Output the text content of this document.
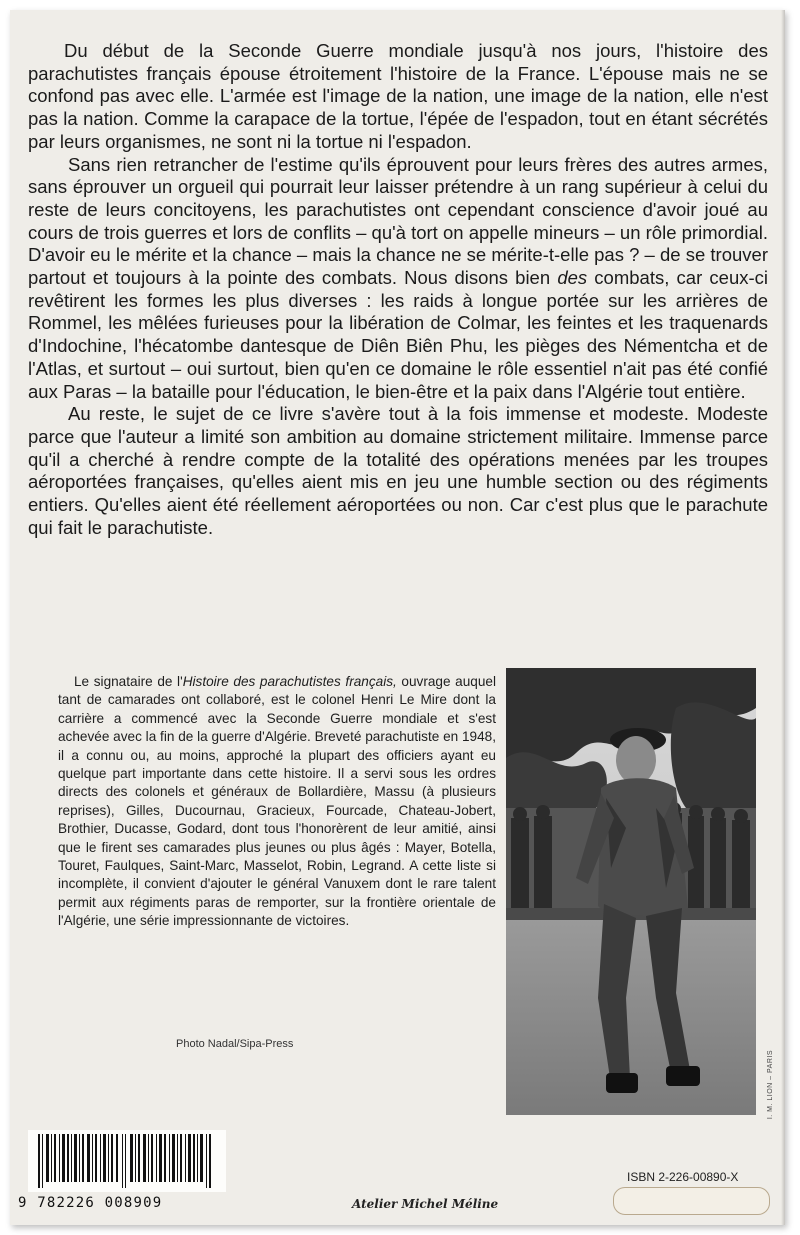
Du début de la Seconde Guerre mondiale jusqu'à nos jours, l'histoire des parachutistes français épouse étroitement l'histoire de la France. L'épouse mais ne se confond pas avec elle. L'armée est l'image de la nation, une image de la nation, elle n'est pas la nation. Comme la carapace de la tortue, l'épée de l'espadon, tout en étant sécrétés par leurs organismes, ne sont ni la tortue ni l'espadon.

Sans rien retrancher de l'estime qu'ils éprouvent pour leurs frères des autres armes, sans éprouver un orgueil qui pourrait leur laisser prétendre à un rang supérieur à celui du reste de leurs concitoyens, les parachutistes ont cependant conscience d'avoir joué au cours de trois guerres et lors de conflits – qu'à tort on appelle mineurs – un rôle primordial. D'avoir eu le mérite et la chance – mais la chance ne se mérite-t-elle pas ? – de se trouver partout et toujours à la pointe des combats. Nous disons bien des combats, car ceux-ci revêtirent les formes les plus diverses : les raids à longue portée sur les arrières de Rommel, les mêlées furieuses pour la libération de Colmar, les feintes et les traquenards d'Indochine, l'hécatombe dantesque de Diên Biên Phu, les pièges des Némentcha et de l'Atlas, et surtout – oui surtout, bien qu'en ce domaine le rôle essentiel n'ait pas été confié aux Paras – la bataille pour l'éducation, le bien-être et la paix dans l'Algérie tout entière.

Au reste, le sujet de ce livre s'avère tout à la fois immense et modeste. Modeste parce que l'auteur a limité son ambition au domaine strictement militaire. Immense parce qu'il a cherché à rendre compte de la totalité des opérations menées par les troupes aéroportées françaises, qu'elles aient mis en jeu une humble section ou des régiments entiers. Qu'elles aient été réellement aéroportées ou non. Car c'est plus que le parachute qui fait le parachutiste.

Le signataire de l'Histoire des parachutistes français, ouvrage auquel tant de camarades ont collaboré, est le colonel Henri Le Mire dont la carrière a commencé avec la Seconde Guerre mondiale et s'est achevée avec la fin de la guerre d'Algérie. Breveté parachutiste en 1948, il a connu ou, au moins, approché la plupart des officiers ayant eu quelque part importante dans cette histoire. Il a servi sous les ordres directs des colonels et généraux de Bollardière, Massu (à plusieurs reprises), Gilles, Ducournau, Gracieux, Fourcade, Chateau-Jobert, Brothier, Ducasse, Godard, dont tous l'honorèrent de leur amitié, ainsi que le firent ses camarades plus jeunes ou plus âgés : Mayer, Botella, Touret, Faulques, Saint-Marc, Masselot, Robin, Legrand. A cette liste si incomplète, il convient d'ajouter le général Vanuxem dont le rare talent permit aux régiments paras de remporter, sur la frontière orientale de l'Algérie, une série impressionnante de victoires.

Photo Nadal/Sipa-Press
I. M. LION – PARIS
9 782226 008909	Atelier Michel Méline
ISBN 2-226-00890-X
